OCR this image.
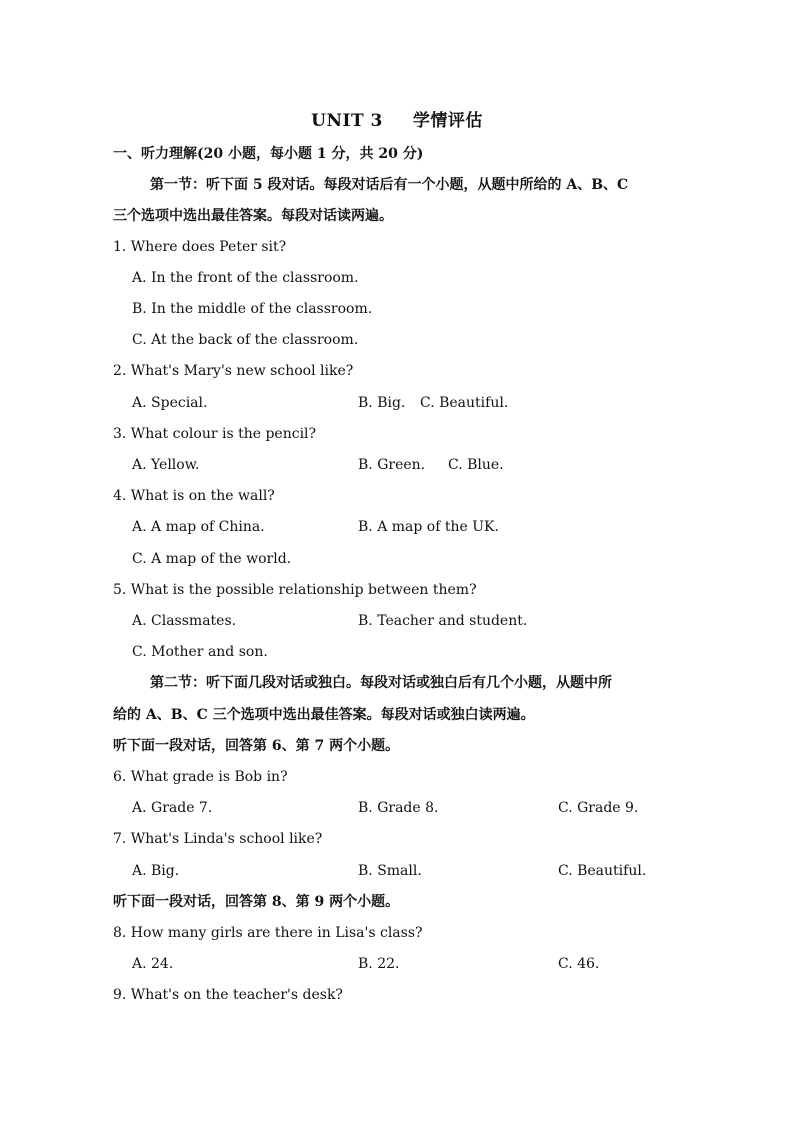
UNIT 3 学情评估
一、听力理解(20 小题，每小题 1 分，共 20 分)
第一节：听下面 5 段对话。每段对话后有一个小题，从题中所给的 A、B、C
三个选项中选出最佳答案。每段对话读两遍。
1. Where does Peter sit?
A. In the front of the classroom.
B. In the middle of the classroom.
C. At the back of the classroom.
2. What's Mary's new school like?
A. Special.	B. Big. C. Beautiful.
3. What colour is the pencil?
A. Yellow.	B. Green. C. Blue.
4. What is on the wall?
A. A map of China.	B. A map of the UK.
C. A map of the world.
5. What is the possible relationship between them?
A. Classmates.	B. Teacher and student.
C. Mother and son.
第二节：听下面几段对话或独白。每段对话或独白后有几个小题，从题中所
给的 A、B、C 三个选项中选出最佳答案。每段对话或独白读两遍。
听下面一段对话，回答第 6、第 7 两个小题。
6. What grade is Bob in?
A. Grade 7.	B. Grade 8.	C. Grade 9.
7. What's Linda's school like?
A. Big.	B. Small.	C. Beautiful.
听下面一段对话，回答第 8、第 9 两个小题。
8. How many girls are there in Lisa's class?
A. 24.	B. 22.	C. 46.
9. What's on the teacher's desk?
